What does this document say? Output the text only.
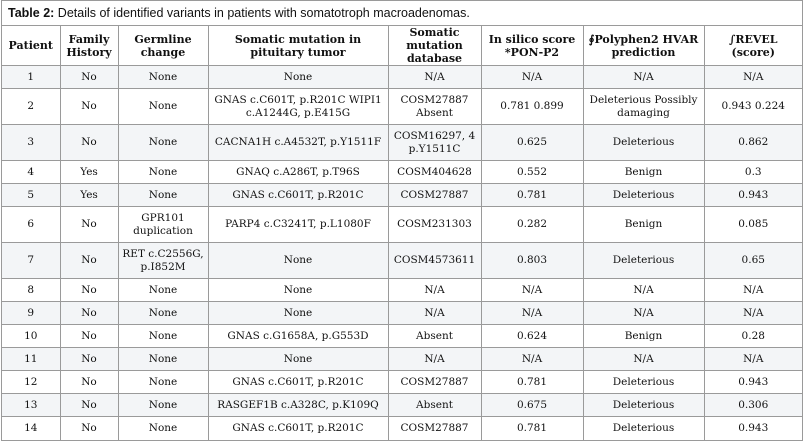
Table 2: Details of identified variants in patients with somatotroph macroadenomas.
Patient	Family History	Germline change	Somatic mutation in pituitary tumor	Somatic mutation database	In silico score *PON-P2	∮Polyphen2 HVAR prediction	∫REVEL (score)
1	No	None	None	N/A	N/A	N/A	N/A
2	No	None	GNAS c.C601T, p.R201C WIPI1 c.A1244G, p.E415G	COSM27887 Absent	0.781 0.899	Deleterious Possibly damaging	0.943 0.224
3	No	None	CACNA1H c.A4532T, p.Y1511F	COSM16297, 4 p.Y1511C	0.625	Deleterious	0.862
4	Yes	None	GNAQ c.A286T, p.T96S	COSM404628	0.552	Benign	0.3
5	Yes	None	GNAS c.C601T, p.R201C	COSM27887	0.781	Deleterious	0.943
6	No	GPR101 duplication	PARP4 c.C3241T, p.L1080F	COSM231303	0.282	Benign	0.085
7	No	RET c.C2556G, p.I852M	None	COSM4573611	0.803	Deleterious	0.65
8	No	None	None	N/A	N/A	N/A	N/A
9	No	None	None	N/A	N/A	N/A	N/A
10	No	None	GNAS c.G1658A, p.G553D	Absent	0.624	Benign	0.28
11	No	None	None	N/A	N/A	N/A	N/A
12	No	None	GNAS c.C601T, p.R201C	COSM27887	0.781	Deleterious	0.943
13	No	None	RASGEF1B c.A328C, p.K109Q	Absent	0.675	Deleterious	0.306
14	No	None	GNAS c.C601T, p.R201C	COSM27887	0.781	Deleterious	0.943
